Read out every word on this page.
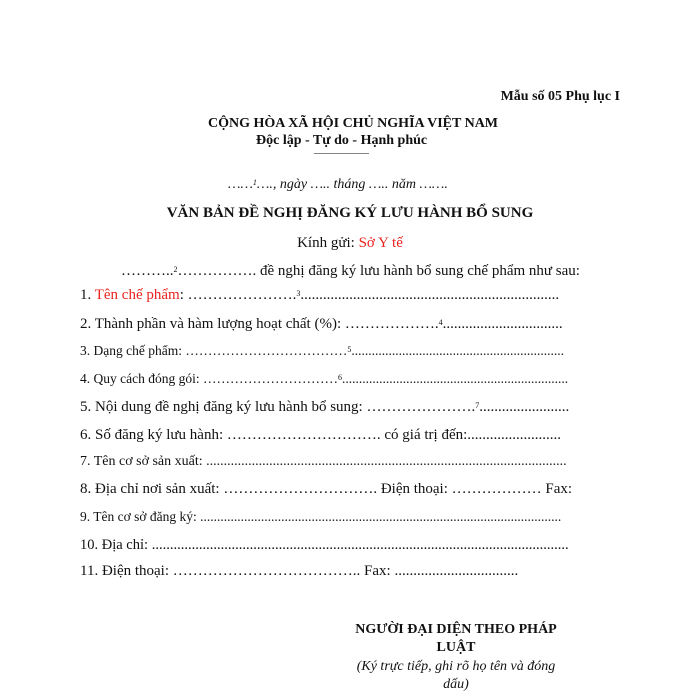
Mẫu số 05 Phụ lục I
CỘNG HÒA XÃ HỘI CHỦ NGHĨA VIỆT NAM
Độc lập - Tự do - Hạnh phúc
—————
……$^1$…., ngày ….. tháng ….. năm …….
VĂN BẢN ĐỀ NGHỊ ĐĂNG KÝ LƯU HÀNH BỔ SUNG
Kính gửi: Sở Y tế
………..$^2$……………. đề nghị đăng ký lưu hành bổ sung chế phẩm như sau:
1. Tên chế phẩm: ………………….$^3$.....................................................................
2. Thành phần và hàm lượng hoạt chất (%): ……………….$^4$................................
3. Dạng chế phẩm: ………………………………$^5$...............................................................
4. Quy cách đóng gói: …………………………$^6$...................................................................
5. Nội dung đề nghị đăng ký lưu hành bổ sung: ………………….$^7$........................
6. Số đăng ký lưu hành: …………………………. có giá trị đến:.........................
7. Tên cơ sở sản xuất: .......................................................................................................
8. Địa chỉ nơi sản xuất: …………………………. Điện thoại: ……………… Fax:
9. Tên cơ sở đăng ký: ...........................................................................................................
10. Địa chỉ: ...................................................................................................................
11. Điện thoại: ……………………………….. Fax: .................................
NGƯỜI ĐẠI DIỆN THEO PHÁP
LUẬT
(Ký trực tiếp, ghi rõ họ tên và đóng
dấu)
